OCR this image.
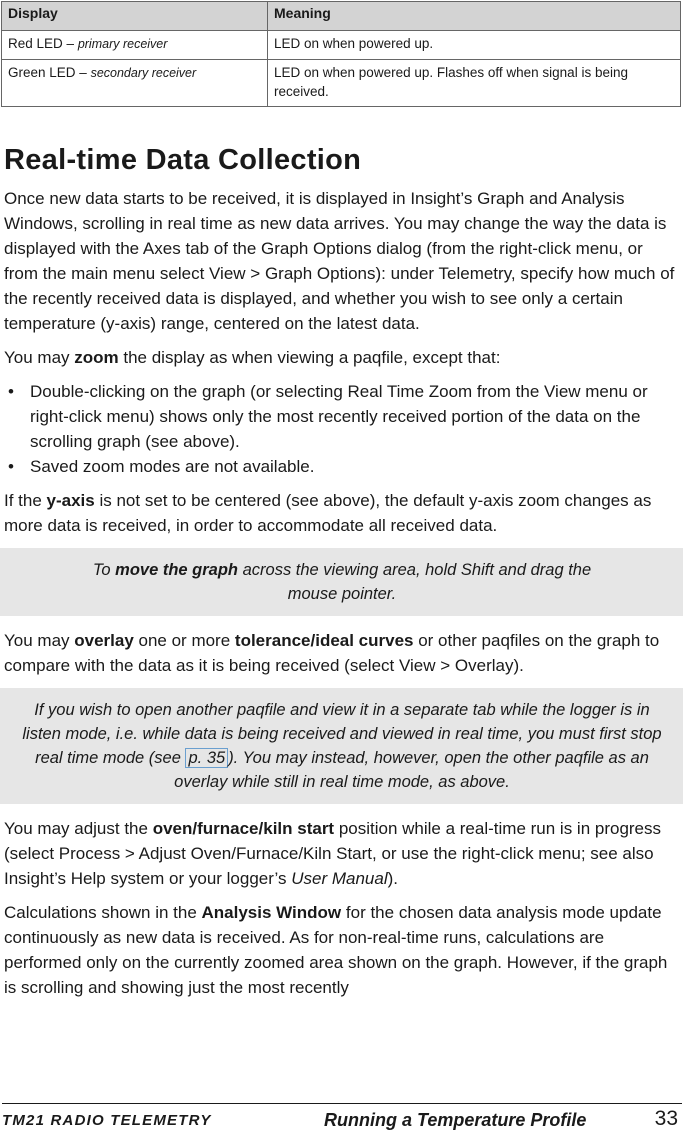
Display	Meaning
Red LED – primary receiver	LED on when powered up.
Green LED – secondary receiver	LED on when powered up. Flashes off when signal is being received.
Real-time Data Collection

Once new data starts to be received, it is displayed in Insight’s Graph and Analysis Windows, scrolling in real time as new data arrives. You may change the way the data is displayed with the Axes tab of the Graph Options dialog (from the right-click menu, or from the main menu select View > Graph Options): under Telemetry, specify how much of the recently received data is displayed, and whether you wish to see only a certain temperature (y-axis) range, centered on the latest data.

You may zoom the display as when viewing a paqfile, except that:

• Double-clicking on the graph (or selecting Real Time Zoom from the View menu or right-click menu) shows only the most recently received portion of the data on the scrolling graph (see above).
• Saved zoom modes are not available.

If the y-axis is not set to be centered (see above), the default y-axis zoom changes as more data is received, in order to accommodate all received data.

To move the graph across the viewing area, hold Shift and drag the
mouse pointer.

You may overlay one or more tolerance/ideal curves or other paqfiles on the graph to compare with the data as it is being received (select View > Overlay).

If you wish to open another paqfile and view it in a separate tab while the logger is in listen mode, i.e. while data is being received and viewed in real time, you must first stop real time mode (see p. 35 ). You may instead, however, open the other paqfile as an overlay while still in real time mode, as above.

You may adjust the oven/furnace/kiln start position while a real-time run is in progress (select Process > Adjust Oven/Furnace/Kiln Start, or use the right-click menu; see also Insight’s Help system or your logger’s User Manual).

Calculations shown in the Analysis Window for the chosen data analysis mode update continuously as new data is received. As for non-real-time runs, calculations are performed only on the currently zoomed area shown on the graph. However, if the graph is scrolling and showing just the most recently

TM21 RADIO TELEMETRY	Running a Temperature Profile	33
